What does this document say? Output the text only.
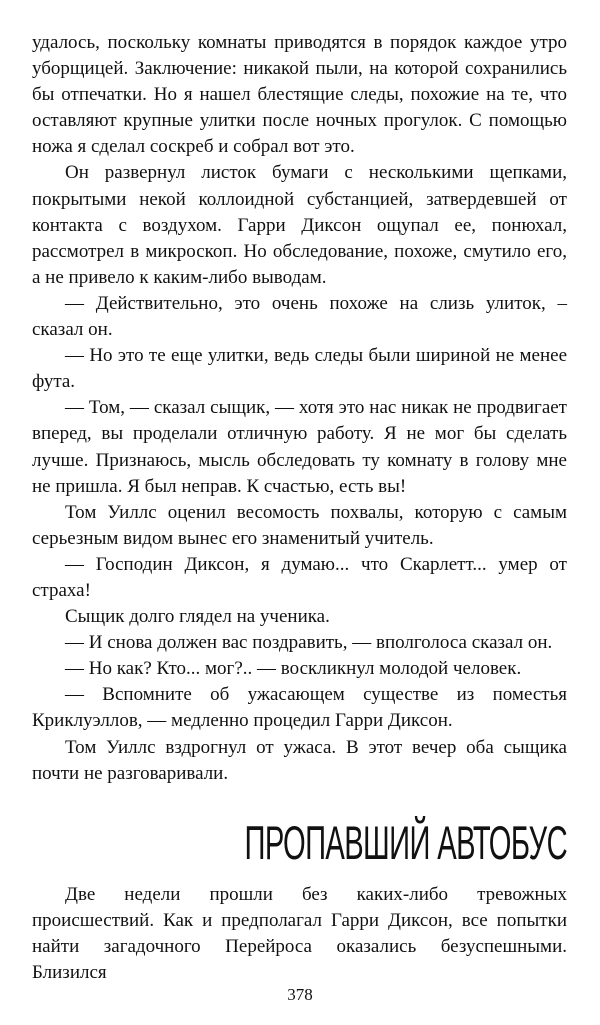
удалось, поскольку комнаты приводятся в порядок каждое утро уборщицей. Заключение: никакой пыли, на которой сохранились бы отпечатки. Но я нашел блестящие следы, похожие на те, что оставляют крупные улитки после ночных прогулок. С помощью ножа я сделал соскреб и собрал вот это.

Он развернул листок бумаги с несколькими щепками, покрытыми некой коллоидной субстанцией, затвердевшей от контакта с воздухом. Гарри Диксон ощупал ее, понюхал, рассмотрел в микроскоп. Но обследование, похоже, смутило его, а не привело к каким-либо выводам.

— Действительно, это очень похоже на слизь улиток, – сказал он.

— Но это те еще улитки, ведь следы были шириной не менее фута.

— Том, — сказал сыщик, — хотя это нас никак не продвигает вперед, вы проделали отличную работу. Я не мог бы сделать лучше. Признаюсь, мысль обследовать ту комнату в голову мне не пришла. Я был неправ. К счастью, есть вы!

Том Уиллс оценил весомость похвалы, которую с самым серьезным видом вынес его знаменитый учитель.

— Господин Диксон, я думаю... что Скарлетт... умер от страха!

Сыщик долго глядел на ученика.

— И снова должен вас поздравить, — вполголоса сказал он.

— Но как? Кто... мог?.. — воскликнул молодой человек.

— Вспомните об ужасающем существе из поместья Криклуэллов, — медленно процедил Гарри Диксон.

Том Уиллс вздрогнул от ужаса. В этот вечер оба сыщика почти не разговаривали.

ПРОПАВШИЙ АВТОБУС

Две недели прошли без каких-либо тревожных происшествий. Как и предполагал Гарри Диксон, все попытки найти загадочного Перейроса оказались безуспешными. Близился

378
